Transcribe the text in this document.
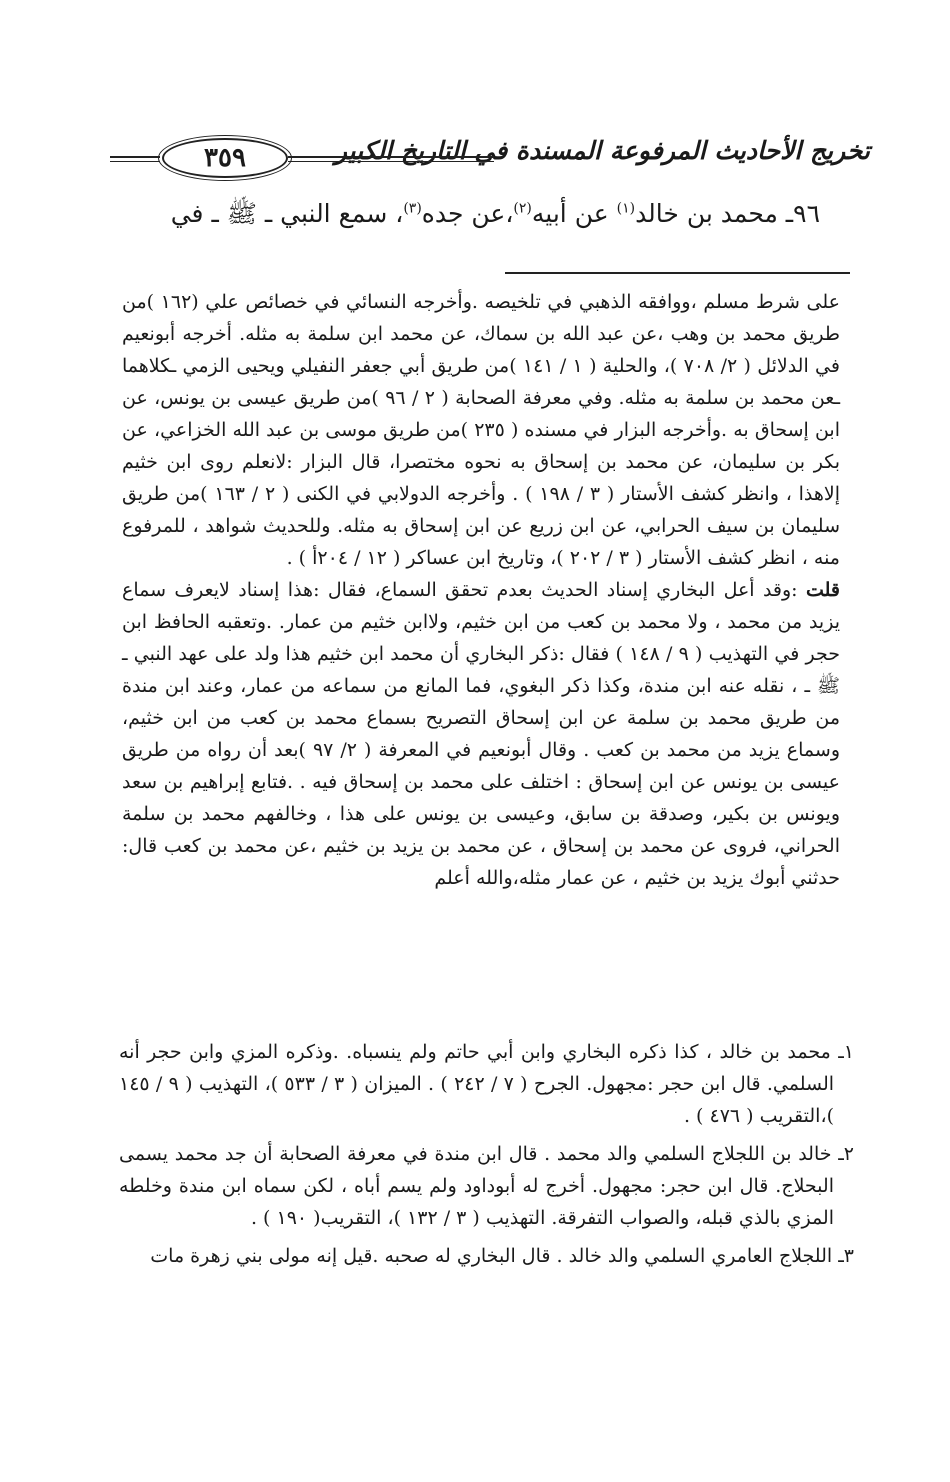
تخريج الأحاديث المرفوعة المسندة في التاريخ الكبير
٣٥٩
٩٦ـ محمد بن خالد$^{(١)}$ عن أبيه$^{(٢)}$،عن جده$^{(٣)}$، سمع النبي ـ ﷺ ـ في

على شرط مسلم ،ووافقه الذهبي في تلخيصه .وأخرجه النسائي في خصائص علي (١٦٢ )من طريق محمد بن وهب ،عن عبد الله بن سماك، عن محمد ابن سلمة به مثله. أخرجه أبونعيم في الدلائل ( ٢/ ٧٠٨ )، والحلية ( ١ / ١٤١ )من طريق أبي جعفر النفيلي ويحيى الزمي ـكلاهما ـعن محمد بن سلمة به مثله. وفي معرفة الصحابة ( ٢ / ٩٦ )من طريق عيسى بن يونس، عن ابن إسحاق به .وأخرجه البزار في مسنده ( ٢٣٥ )من طريق موسى بن عبد الله الخزاعي، عن بكر بن سليمان، عن محمد بن إسحاق به نحوه مختصرا، قال البزار :لانعلم روى ابن خثيم إلاهذا ، وانظر كشف الأستار ( ٣ / ١٩٨ ) . وأخرجه الدولابي في الكنى ( ٢ / ١٦٣ )من طريق سليمان بن سيف الحرابي، عن ابن زريع عن ابن إسحاق به مثله. وللحديث شواهد ، للمرفوع منه ، انظر كشف الأستار ( ٣ / ٢٠٢ )، وتاريخ ابن عساكر ( ١٢ / ٢٠٤أ ) .

قلت :وقد أعل البخاري إسناد الحديث بعدم تحقق السماع، فقال :هذا إسناد لايعرف سماع يزيد من محمد ، ولا محمد بن كعب من ابن خثيم، ولاابن خثيم من عمار. .وتعقبه الحافظ ابن حجر في التهذيب ( ٩ / ١٤٨ ) فقال :ذكر البخاري أن محمد ابن خثيم هذا ولد على عهد النبي ـ ﷺ ـ ، نقله عنه ابن مندة، وكذا ذكر البغوي، فما المانع من سماعه من عمار، وعند ابن مندة من طريق محمد بن سلمة عن ابن إسحاق التصريح بسماع محمد بن كعب من ابن خثيم، وسماع يزيد من محمد بن كعب . وقال أبونعيم في المعرفة ( ٢/ ٩٧ )بعد أن رواه من طريق عيسى بن يونس عن ابن إسحاق : اختلف على محمد بن إسحاق فيه . .فتابع إبراهيم بن سعد ويونس بن بكير، وصدقة بن سابق، وعيسى بن يونس على هذا ، وخالفهم محمد بن سلمة الحراني، فروى عن محمد بن إسحاق ، عن محمد بن يزيد بن خثيم ،عن محمد بن كعب قال: حدثني أبوك يزيد بن خثيم ، عن عمار مثله،والله أعلم

١ـ محمد بن خالد ، كذا ذكره البخاري وابن أبي حاتم ولم ينسباه. .وذكره المزي وابن حجر أنه السلمي. قال ابن حجر :مجهول. الجرح ( ٧ / ٢٤٢ ) . الميزان ( ٣ / ٥٣٣ )، التهذيب ( ٩ / ١٤٥ )،التقريب ( ٤٧٦ ) .

٢ـ خالد بن اللجلاج السلمي والد محمد . قال ابن مندة في معرفة الصحابة أن جد محمد يسمى البحلاج. قال ابن حجر: مجهول. أخرج له أبوداود ولم يسم أباه ، لكن سماه ابن مندة وخلطه المزي بالذي قبله، والصواب التفرقة. التهذيب ( ٣ / ١٣٢ )، التقريب( ١٩٠ ) .

٣ـ اللجلاج العامري السلمي والد خالد . قال البخاري له صحبه .قيل إنه مولى بني زهرة مات
